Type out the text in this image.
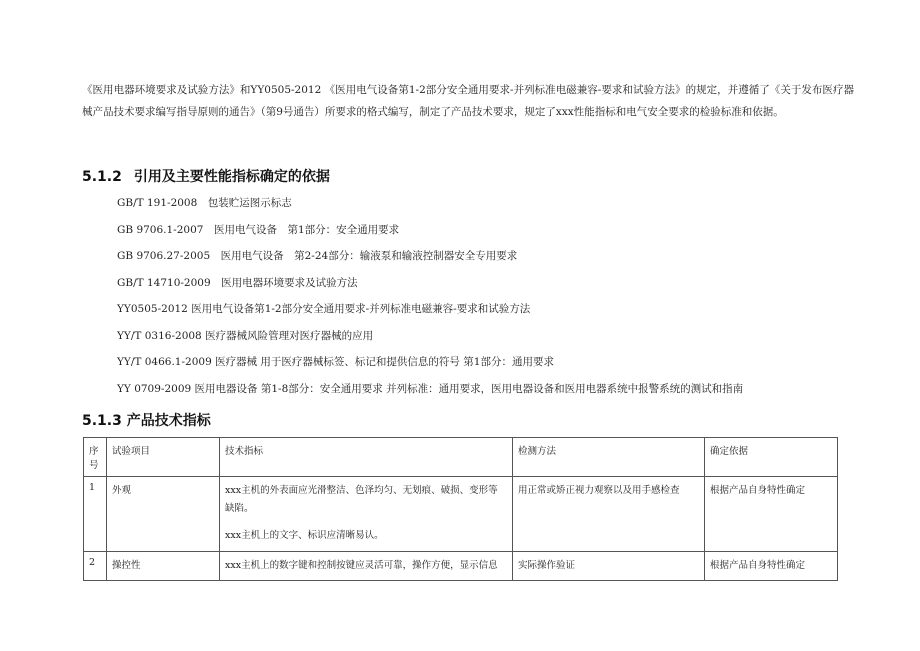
《医用电器环境要求及试验方法》和YY0505-2012 《医用电气设备第1-2部分安全通用要求-并列标准电磁兼容-要求和试验方法》的规定，并遵循了《关于发布医疗器械产品技术要求编写指导原则的通告》（第9号通告）所要求的格式编写，制定了产品技术要求，规定了xxx性能指标和电气安全要求的检验标准和依据。

5.1.2 引用及主要性能指标确定的依据
GB/T 191-2008　包装贮运图示标志
GB 9706.1-2007　医用电气设备　第1部分：安全通用要求
GB 9706.27-2005　医用电气设备　第2-24部分：输液泵和输液控制器安全专用要求
GB/T 14710-2009　医用电器环境要求及试验方法
YY0505-2012 医用电气设备第1-2部分安全通用要求-并列标准电磁兼容-要求和试验方法
YY/T 0316-2008 医疗器械风险管理对医疗器械的应用
YY/T 0466.1-2009 医疗器械 用于医疗器械标签、标记和提供信息的符号 第1部分：通用要求
YY 0709-2009 医用电器设备 第1-8部分：安全通用要求 并列标准：通用要求，医用电器设备和医用电器系统中报警系统的测试和指南
5.1.3 产品技术指标
序号	试验项目	技术指标	检测方法	确定依据
1	外观	xxx主机的外表面应光滑整洁、色泽均匀、无划痕、破损、变形等缺陷。

xxx主机上的文字、标识应清晰易认。	用正常或矫正视力观察以及用手感检查	根据产品自身特性确定
2	操控性	xxx主机上的数字键和控制按键应灵活可靠，操作方便，显示信息	实际操作验证	根据产品自身特性确定
